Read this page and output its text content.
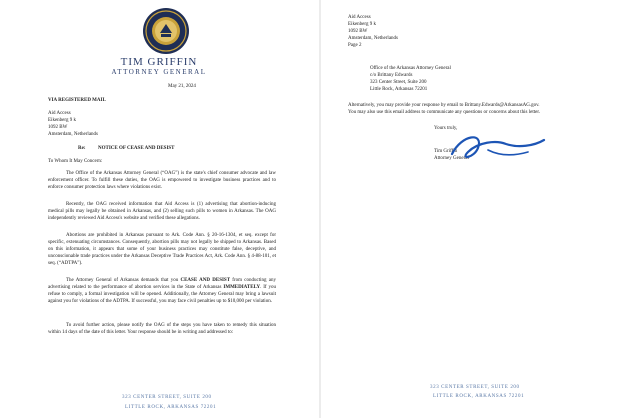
TIM GRIFFIN
ATTORNEY GENERAL
May 21, 2024
VIA REGISTERED MAIL
Aid Access
Eikenberg 9 k
1092 BW
Amsterdam, Netherlands
Re:	NOTICE OF CEASE AND DESIST
To Whom It May Concern:
The Office of the Arkansas Attorney General (“OAG”) is the state's chief consumer advocate and law enforcement officer. To fulfill these duties, the OAG is empowered to investigate business practices and to enforce consumer protection laws where violations exist.
Recently, the OAG received information that Aid Access is (1) advertising that abortion-inducing medical pills may legally be obtained in Arkansas, and (2) selling such pills to women in Arkansas. The OAG independently reviewed Aid Access's website and verified these allegations.
Abortions are prohibited in Arkansas pursuant to Ark. Code Ann. § 20-16-1304, et seq. except for specific, extenuating circumstances. Consequently, abortion pills may not legally be shipped to Arkansas. Based on this information, it appears that some of your business practices may constitute false, deceptive, and unconscionable trade practices under the Arkansas Deceptive Trade Practices Act, Ark. Code Ann. § 4-88-101, et seq. (“ADTPA”).
The Attorney General of Arkansas demands that you CEASE AND DESIST from conducting any advertising related to the performance of abortion services in the State of Arkansas IMMEDIATELY. If you refuse to comply, a formal investigation will be opened. Additionally, the Attorney General may bring a lawsuit against you for violations of the ADTPA. If successful, you may face civil penalties up to $10,000 per violation.
To avoid further action, please notify the OAG of the steps you have taken to remedy this situation within 14 days of the date of this letter. Your response should be in writing and addressed to:
323 CENTER STREET, SUITE 200
LITTLE ROCK, ARKANSAS 72201
Aid Access
Eikenberg 9 k
1092 BW
Amsterdam, Netherlands
Page 2
Office of the Arkansas Attorney General
c/o Brittany Edwards
323 Center Street, Suite 200
Little Rock, Arkansas 72201
Alternatively, you may provide your response by email to Brittany.Edwards@ArkansasAG.gov.
You may also use this email address to communicate any questions or concerns about this letter.
Yours truly,
Tim Griffin
Attorney General
323 CENTER STREET, SUITE 200
LITTLE ROCK, ARKANSAS 72201
